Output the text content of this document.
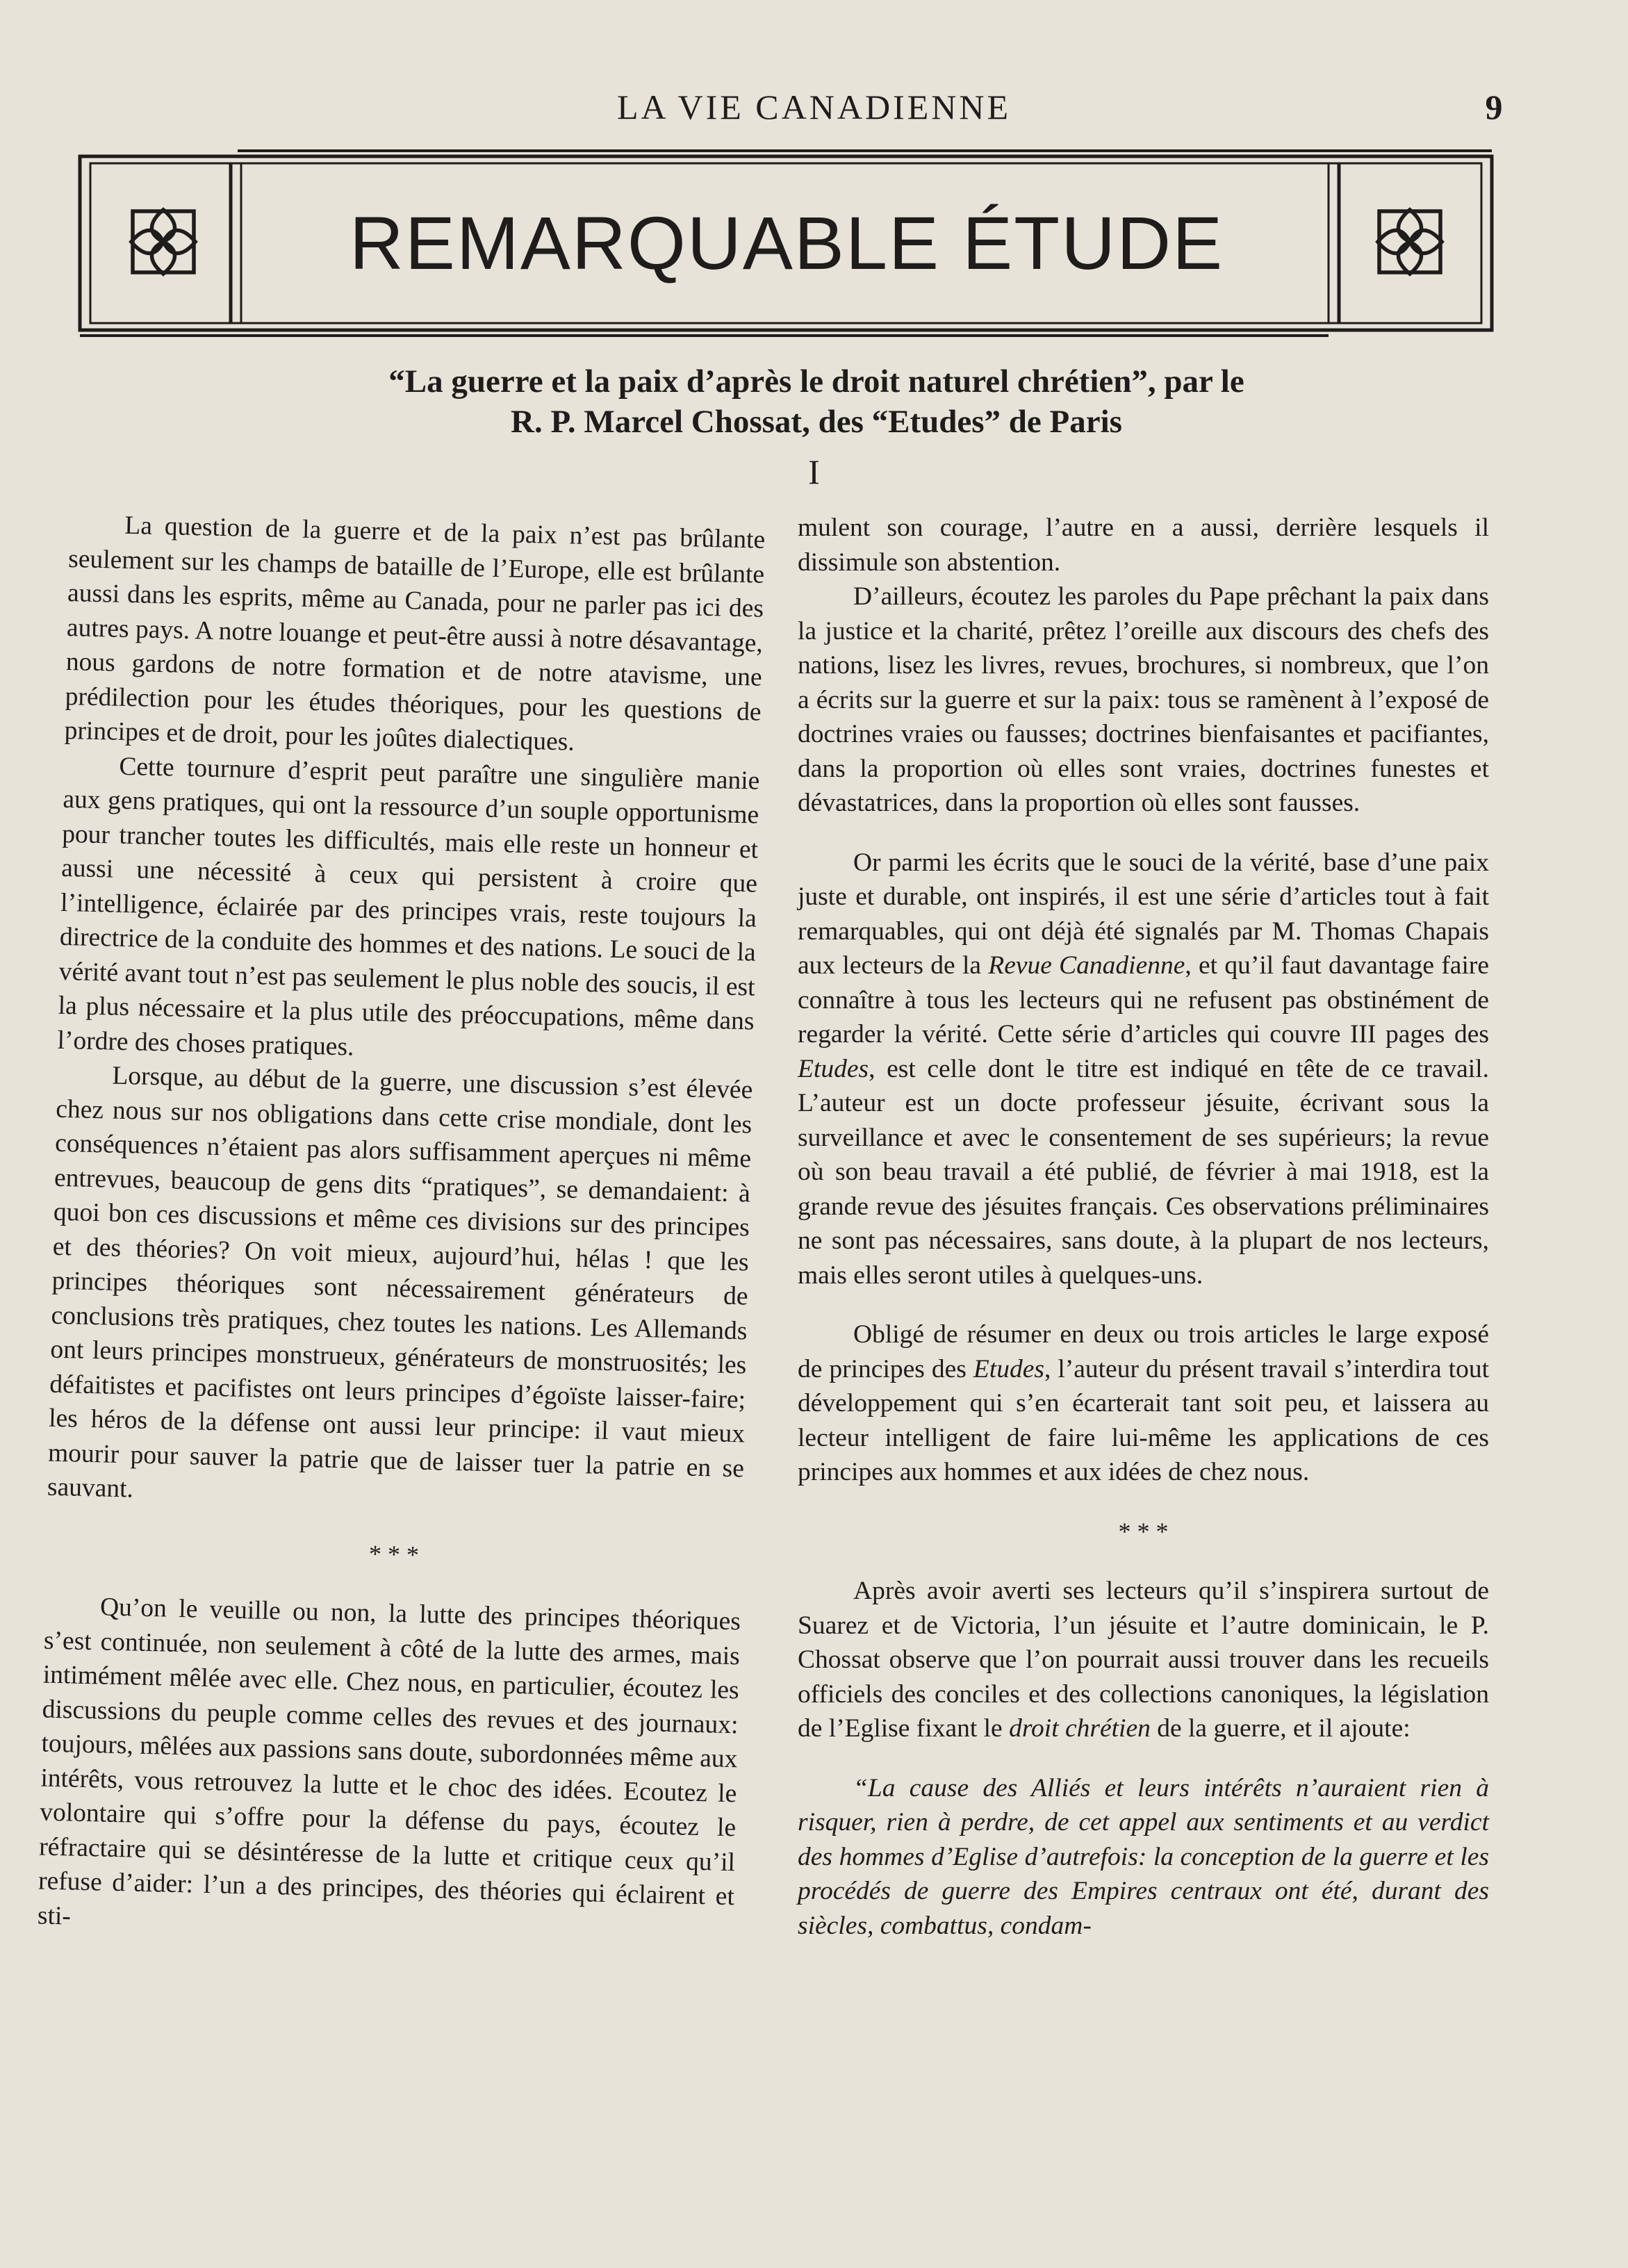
LA VIE CANADIENNE	9
REMARQUABLE ÉTUDE
“La guerre et la paix d’après le droit naturel chrétien”, par le
R. P. Marcel Chossat, des “Etudes” de Paris
I

La question de la guerre et de la paix n’est pas brûlante seulement sur les champs de bataille de l’Europe, elle est brûlante aussi dans les esprits, même au Canada, pour ne parler pas ici des autres pays. A notre louange et peut-être aussi à notre désavantage, nous gardons de notre formation et de notre atavisme, une prédilection pour les études théoriques, pour les questions de principes et de droit, pour les joûtes dialectiques.

Cette tournure d’esprit peut paraître une singulière manie aux gens pratiques, qui ont la ressource d’un souple opportunisme pour trancher toutes les difficultés, mais elle reste un honneur et aussi une nécessité à ceux qui persistent à croire que l’intelligence, éclairée par des principes vrais, reste toujours la directrice de la conduite des hommes et des nations. Le souci de la vérité avant tout n’est pas seulement le plus noble des soucis, il est la plus nécessaire et la plus utile des préoccupations, même dans l’ordre des choses pratiques.

Lorsque, au début de la guerre, une discussion s’est élevée chez nous sur nos obligations dans cette crise mondiale, dont les conséquences n’étaient pas alors suffisamment aperçues ni même entrevues, beaucoup de gens dits “pratiques”, se demandaient: à quoi bon ces discussions et même ces divisions sur des principes et des théories? On voit mieux, aujourd’hui, hélas ! que les principes théoriques sont nécessairement générateurs de conclusions très pratiques, chez toutes les nations. Les Allemands ont leurs principes monstrueux, générateurs de monstruosités; les défaitistes et pacifistes ont leurs principes d’égoïste laisser-faire; les héros de la défense ont aussi leur principe: il vaut mieux mourir pour sauver la patrie que de laisser tuer la patrie en se sauvant.

* * *

Qu’on le veuille ou non, la lutte des principes théoriques s’est continuée, non seulement à côté de la lutte des armes, mais intimément mêlée avec elle. Chez nous, en particulier, écoutez les discussions du peuple comme celles des revues et des journaux: toujours, mêlées aux passions sans doute, subordonnées même aux intérêts, vous retrouvez la lutte et le choc des idées. Ecoutez le volontaire qui s’offre pour la défense du pays, écoutez le réfractaire qui se désintéresse de la lutte et critique ceux qu’il refuse d’aider: l’un a des principes, des théories qui éclairent et sti-

mulent son courage, l’autre en a aussi, derrière lesquels il dissimule son abstention.

D’ailleurs, écoutez les paroles du Pape prêchant la paix dans la justice et la charité, prêtez l’oreille aux discours des chefs des nations, lisez les livres, revues, brochures, si nombreux, que l’on a écrits sur la guerre et sur la paix: tous se ramènent à l’exposé de doctrines vraies ou fausses; doctrines bienfaisantes et pacifiantes, dans la proportion où elles sont vraies, doctrines funestes et dévastatrices, dans la proportion où elles sont fausses.

Or parmi les écrits que le souci de la vérité, base d’une paix juste et durable, ont inspirés, il est une série d’articles tout à fait remarquables, qui ont déjà été signalés par M. Thomas Chapais aux lecteurs de la Revue Canadienne, et qu’il faut davantage faire connaître à tous les lecteurs qui ne refusent pas obstinément de regarder la vérité. Cette série d’articles qui couvre III pages des Etudes, est celle dont le titre est indiqué en tête de ce travail. L’auteur est un docte professeur jésuite, écrivant sous la surveillance et avec le consentement de ses supérieurs; la revue où son beau travail a été publié, de février à mai 1918, est la grande revue des jésuites français. Ces observations préliminaires ne sont pas nécessaires, sans doute, à la plupart de nos lecteurs, mais elles seront utiles à quelques-uns.

Obligé de résumer en deux ou trois articles le large exposé de principes des Etudes, l’auteur du présent travail s’interdira tout développement qui s’en écarterait tant soit peu, et laissera au lecteur intelligent de faire lui-même les applications de ces principes aux hommes et aux idées de chez nous.

* * *

Après avoir averti ses lecteurs qu’il s’inspirera surtout de Suarez et de Victoria, l’un jésuite et l’autre dominicain, le P. Chossat observe que l’on pourrait aussi trouver dans les recueils officiels des conciles et des collections canoniques, la législation de l’Eglise fixant le droit chrétien de la guerre, et il ajoute:

“La cause des Alliés et leurs intérêts n’auraient rien à risquer, rien à perdre, de cet appel aux sentiments et au verdict des hommes d’Eglise d’autrefois: la conception de la guerre et les procédés de guerre des Empires centraux ont été, durant des siècles, combattus, condam-
